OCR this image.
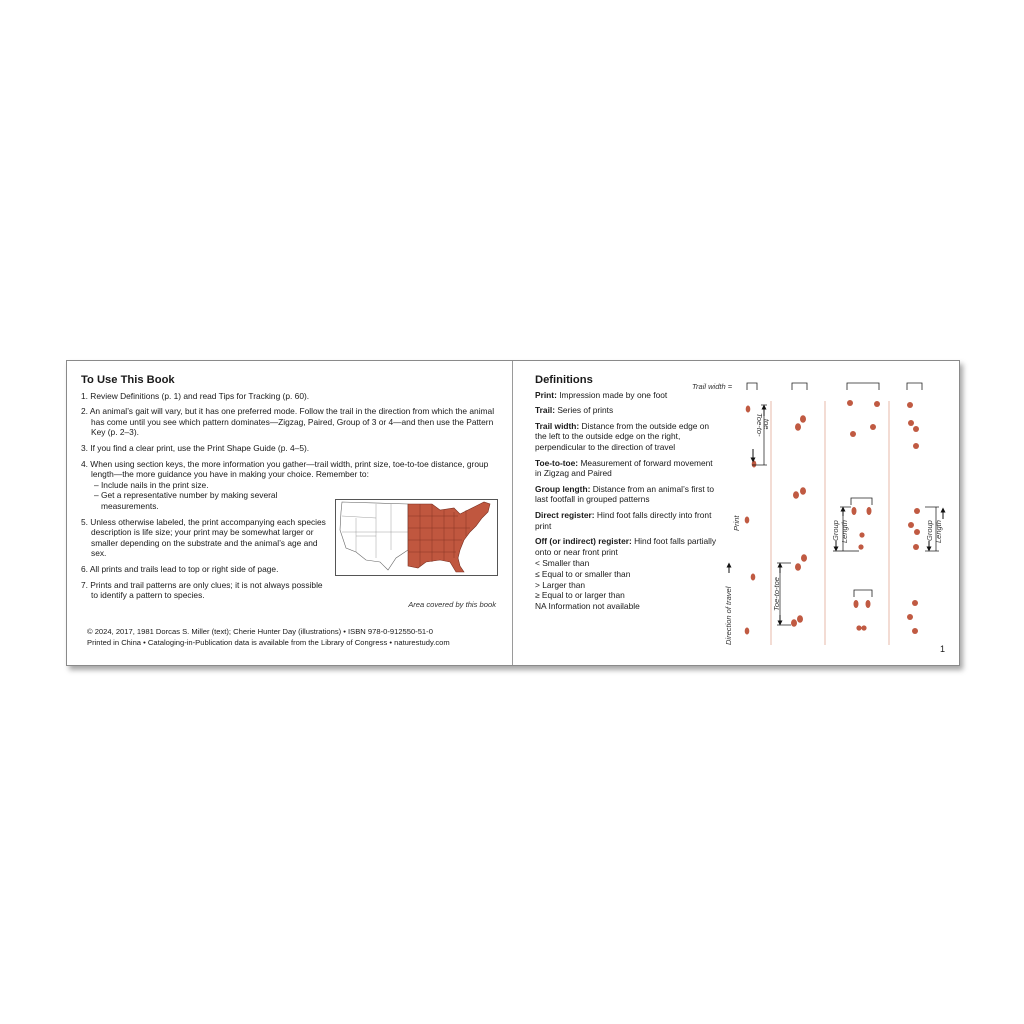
To Use This Book
1. Review Definitions (p. 1) and read Tips for Tracking (p. 60).
2. An animal’s gait will vary, but it has one preferred mode. Follow the trail in the direction from which the animal has come until you see which pattern dominates—Zigzag, Paired, Group of 3 or 4—and then use the Pattern Key (p. 2–3).
3. If you find a clear print, use the Print Shape Guide (p. 4–5).
4. When using section keys, the more information you gather—trail width, print size, toe-to-toe distance, group length—the more guidance you have in making your choice. Remember to:
– Include nails in the print size.
– Get a representative number by making several measurements.
5. Unless otherwise labeled, the print accompanying each species description is life size; your print may be somewhat larger or smaller depending on the substrate and the animal’s age and sex.
6. All prints and trails lead to top or right side of page.
7. Prints and trail patterns are only clues; it is not always possible to identify a pattern to species.
Area covered by this book
© 2024, 2017, 1981 Dorcas S. Miller (text); Cherie Hunter Day (illustrations) • ISBN 978-0-912550-51-0
Printed in China • Cataloging-in-Publication data is available from the Library of Congress • naturestudy.com
Definitions
Print: Impression made by one foot
Trail: Series of prints
Trail width: Distance from the outside edge on the left to the outside edge on the right, perpendicular to the direction of travel
Toe-to-toe: Measurement of forward movement in Zigzag and Paired
Group length: Distance from an animal’s first to last footfall in grouped patterns
Direct register: Hind foot falls directly into front print
Off (or indirect) register: Hind foot falls partially onto or near front print
< Smaller than
≤ Equal to or smaller than
> Larger than
≥ Equal to or larger than
NA Information not available
Trail width =
Toe-to-
toe
Print
Direction of travel	Toe-to-toe
Group Length	Group Length
1
